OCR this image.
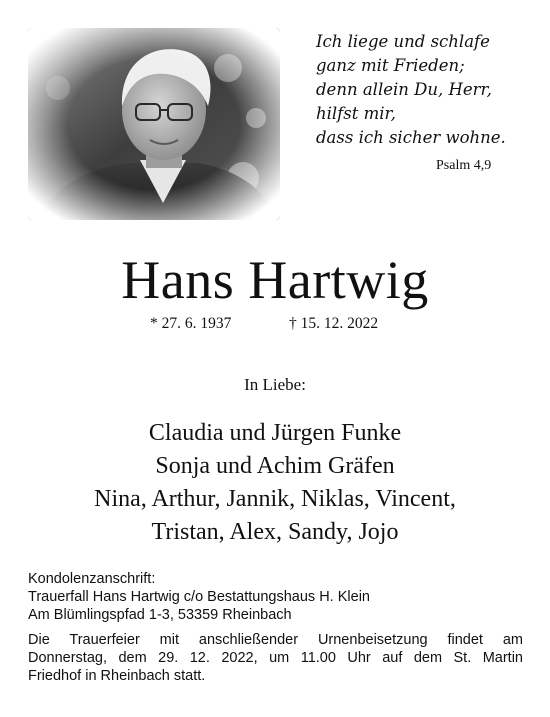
Ich liege und schlafe
ganz mit Frieden;
denn allein Du, Herr,
hilfst mir,
dass ich sicher wohne.
Psalm 4,9
Hans Hartwig
* 27. 6. 1937	† 15. 12. 2022
In Liebe:
Claudia und Jürgen Funke
Sonja und Achim Gräfen
Nina, Arthur, Jannik, Niklas, Vincent,
Tristan, Alex, Sandy, Jojo
Kondolenzanschrift:
Trauerfall Hans Hartwig c/o Bestattungshaus H. Klein
Am Blümlingspfad 1-3, 53359 Rheinbach
Die Trauerfeier mit anschließender Urnenbeisetzung findet am
Donnerstag, dem 29. 12. 2022, um 11.00 Uhr auf dem St. Martin
Friedhof in Rheinbach statt.
